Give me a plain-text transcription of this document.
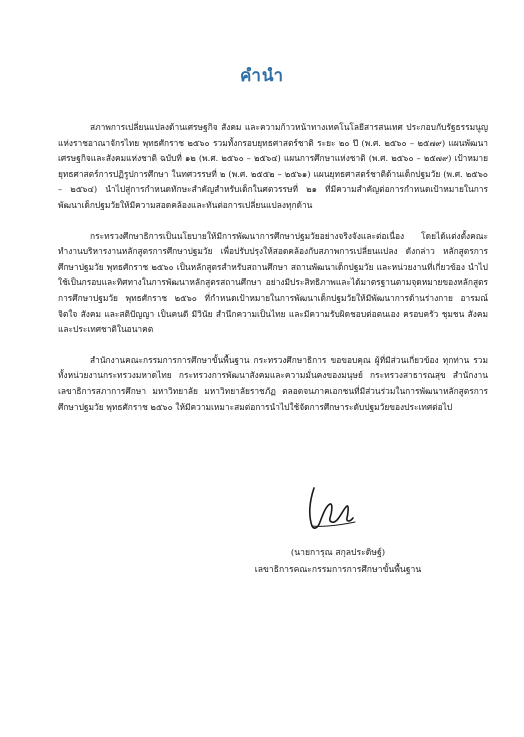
คำนำ

สภาพการเปลี่ยนแปลงด้านเศรษฐกิจ สังคม และความก้าวหน้าทางเทคโนโลยีสารสนเทศ ประกอบกับรัฐธรรมนูญแห่งราชอาณาจักรไทย พุทธศักราช ๒๕๖๐ รวมทั้งกรอบยุทธศาสตร์ชาติ ระยะ ๒๐ ปี (พ.ศ. ๒๕๖๐ – ๒๕๗๙) แผนพัฒนาเศรษฐกิจและสังคมแห่งชาติ ฉบับที่ ๑๒ (พ.ศ. ๒๕๖๐ – ๒๕๖๔) แผนการศึกษาแห่งชาติ (พ.ศ. ๒๕๖๐ – ๒๕๗๙) เป้าหมายยุทธศาสตร์การปฏิรูปการศึกษา ในทศวรรษที่ ๒ (พ.ศ. ๒๕๕๒ – ๒๕๖๑) แผนยุทธศาสตร์ชาติด้านเด็กปฐมวัย (พ.ศ. ๒๕๖๐ – ๒๕๖๔) นำไปสู่การกำหนดทักษะสำคัญสำหรับเด็กในศตวรรษที่ ๒๑ ที่มีความสำคัญต่อการกำหนดเป้าหมายในการพัฒนาเด็กปฐมวัยให้มีความสอดคล้องและทันต่อการเปลี่ยนแปลงทุกด้าน

กระทรวงศึกษาธิการเป็นนโยบายให้มีการพัฒนาการศึกษาปฐมวัยอย่างจริงจังและต่อเนื่อง โดยได้แต่งตั้งคณะทำงานบริหารงานหลักสูตรการศึกษาปฐมวัย เพื่อปรับปรุงให้สอดคล้องกับสภาพการเปลี่ยนแปลง ดังกล่าว หลักสูตรการศึกษาปฐมวัย พุทธศักราช ๒๕๖๐ เป็นหลักสูตรสำหรับสถานศึกษา สถานพัฒนาเด็กปฐมวัย และหน่วยงานที่เกี่ยวข้อง นำไปใช้เป็นกรอบและทิศทางในการพัฒนาหลักสูตรสถานศึกษา อย่างมีประสิทธิภาพและได้มาตรฐานตามจุดหมายของหลักสูตรการศึกษาปฐมวัย พุทธศักราช ๒๕๖๐ ที่กำหนดเป้าหมายในการพัฒนาเด็กปฐมวัยให้มีพัฒนาการด้านร่างกาย อารมณ์ จิตใจ สังคม และสติปัญญา เป็นคนดี มีวินัย สำนึกความเป็นไทย และมีความรับผิดชอบต่อตนเอง ครอบครัว ชุมชน สังคม และประเทศชาติในอนาคต

สำนักงานคณะกรรมการการศึกษาขั้นพื้นฐาน กระทรวงศึกษาธิการ ขอขอบคุณ ผู้ที่มีส่วนเกี่ยวข้อง ทุกท่าน รวมทั้งหน่วยงานกระทรวงมหาดไทย กระทรวงการพัฒนาสังคมและความมั่นคงของมนุษย์ กระทรวงสาธารณสุข สำนักงานเลขาธิการสภาการศึกษา มหาวิทยาลัย มหาวิทยาลัยราชภัฏ ตลอดจนภาคเอกชนที่มีส่วนร่วมในการพัฒนาหลักสูตรการศึกษาปฐมวัย พุทธศักราช ๒๕๖๐ ให้มีความเหมาะสมต่อการนำไปใช้จัดการศึกษาระดับปฐมวัยของประเทศต่อไป

(นายการุณ สกุลประดิษฐ์)
เลขาธิการคณะกรรมการการศึกษาขั้นพื้นฐาน
